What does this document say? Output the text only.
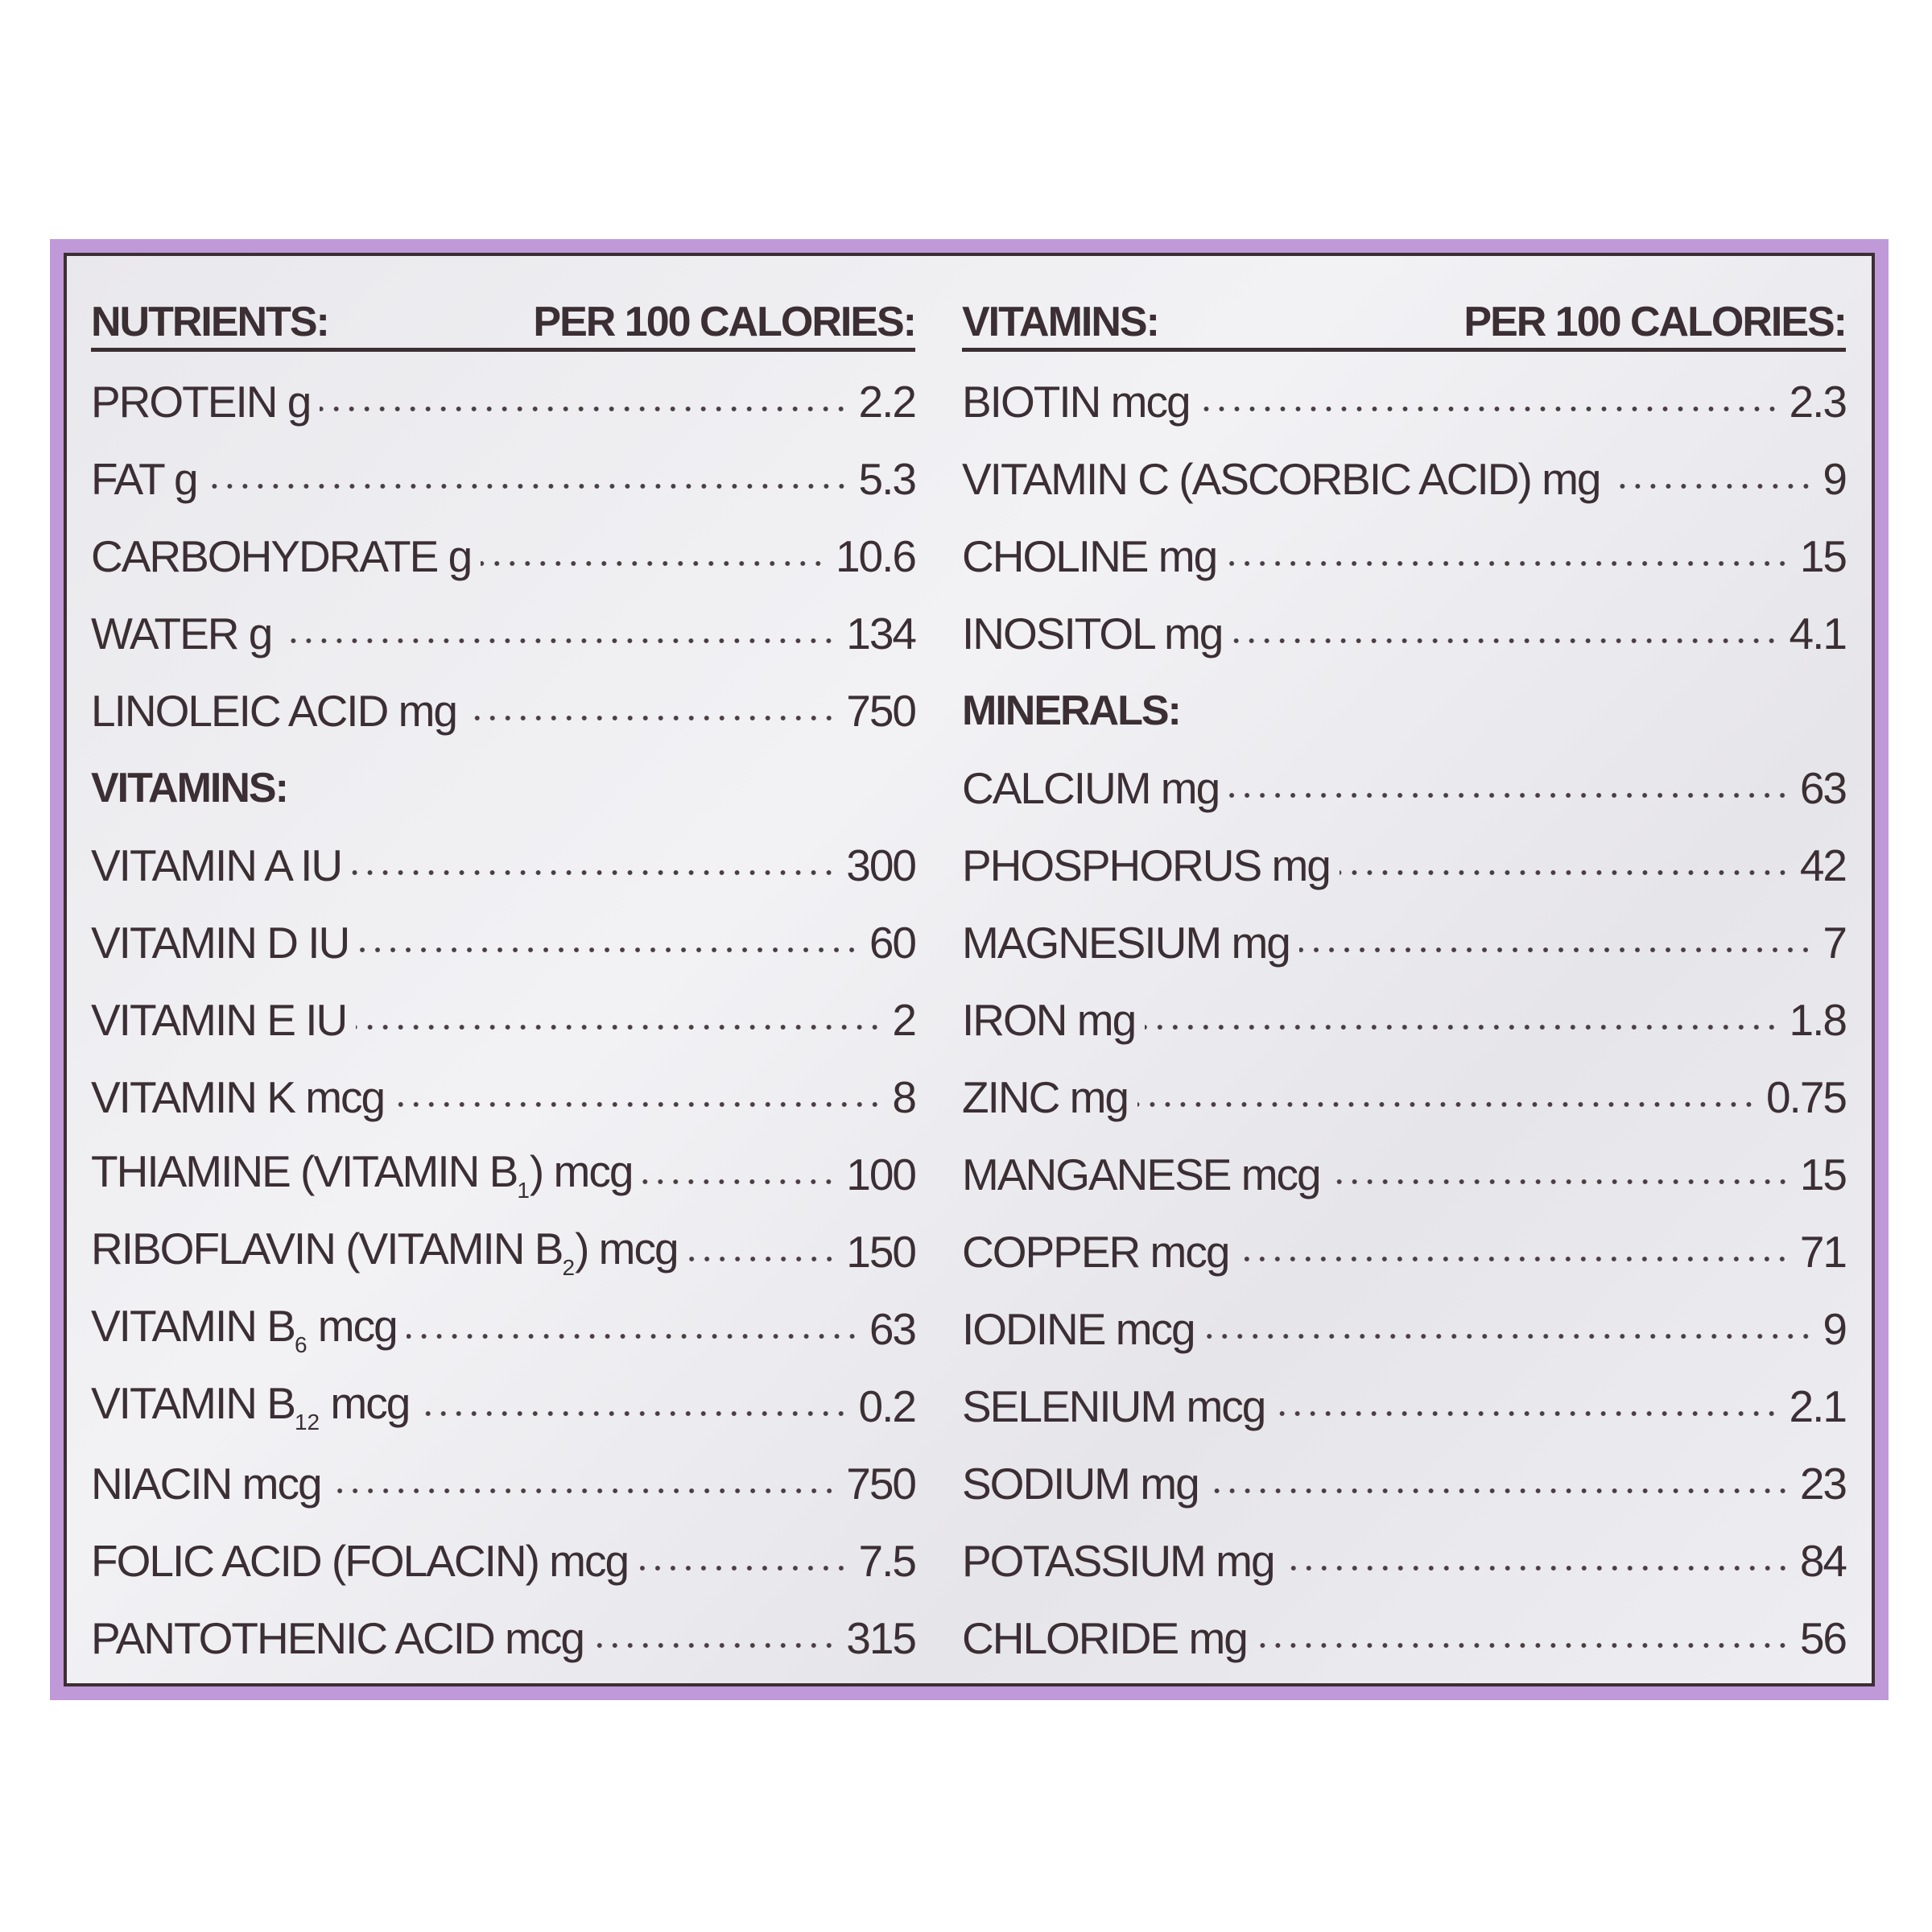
NUTRIENTS:	PER 100 CALORIES:
PROTEIN g	2.2
FAT g	5.3
CARBOHYDRATE g	10.6
WATER g	134
LINOLEIC ACID mg	750
VITAMINS:
VITAMIN A IU	300
VITAMIN D IU	60
VITAMIN E IU	2
VITAMIN K mcg	8
THIAMINE (VITAMIN $B_1$) mcg	100
RIBOFLAVIN (VITAMIN $B_2$) mcg	150
VITAMIN $B_6$ mcg	63
VITAMIN $B_{12}$ mcg	0.2
NIACIN mcg	750
FOLIC ACID (FOLACIN) mcg	7.5
PANTOTHENIC ACID mcg	315
VITAMINS:	PER 100 CALORIES:
BIOTIN mcg	2.3
VITAMIN C (ASCORBIC ACID) mg	9
CHOLINE mg	15
INOSITOL mg	4.1
MINERALS:
CALCIUM mg	63
PHOSPHORUS mg	42
MAGNESIUM mg	7
IRON mg	1.8
ZINC mg	0.75
MANGANESE mcg	15
COPPER mcg	71
IODINE mcg	9
SELENIUM mcg	2.1
SODIUM mg	23
POTASSIUM mg	84
CHLORIDE mg	56
